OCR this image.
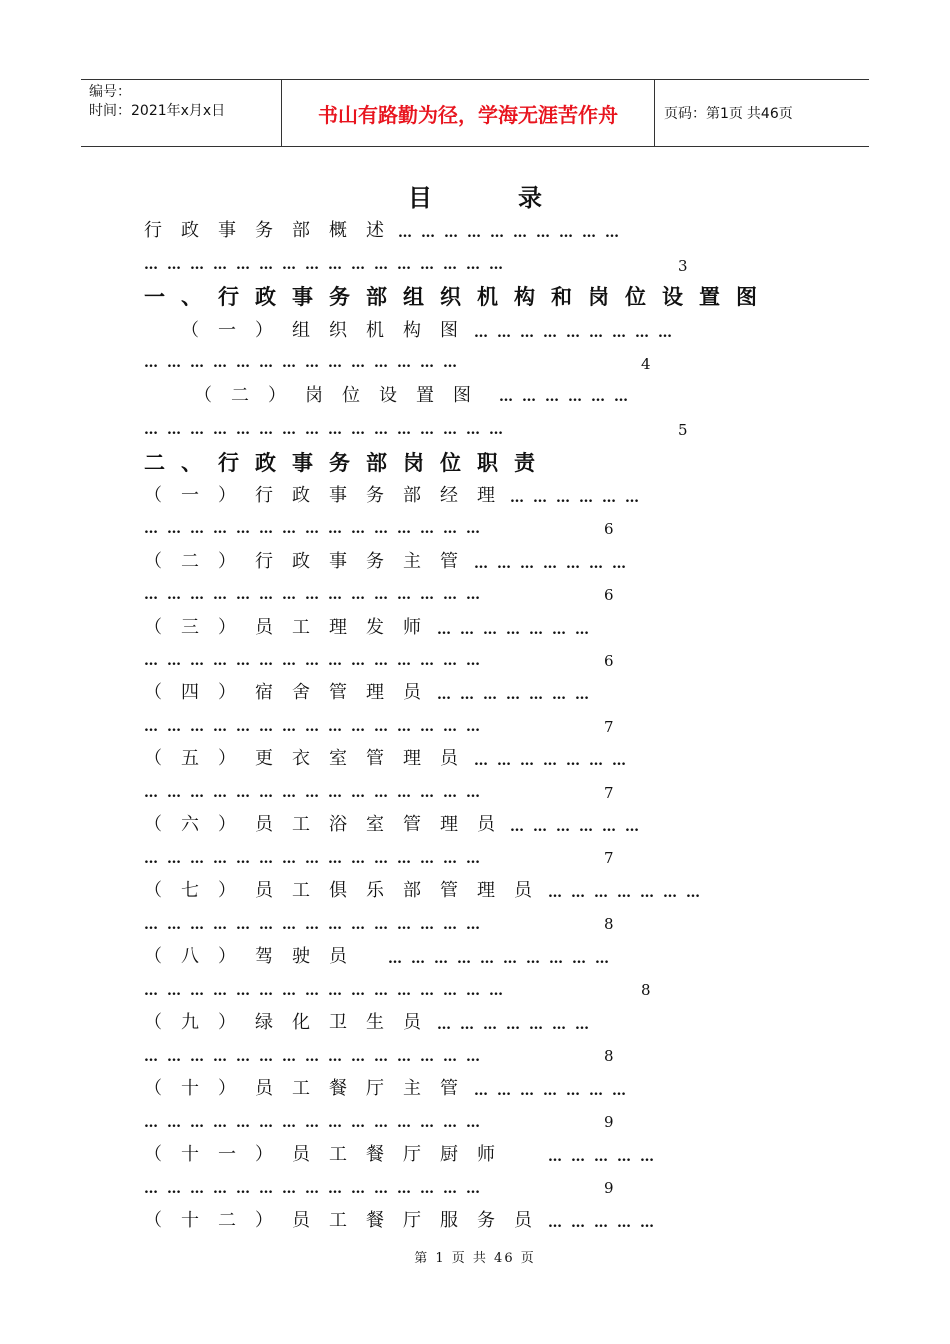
编号：
时间：2021年x月x日	书山有路勤为径，学海无涯苦作舟	页码：第1页 共46页
目录
行政事务部概述
一、行政事务部组织机构和岗位设置图
（一）组织机构图
（二）岗位设置图
二、行政事务部岗位职责
（一）行政事务部经理
（二）行政事务主管
（三）员工理发师
（四）宿舍管理员
（五）更衣室管理员
（六）员工浴室管理员
（七）员工俱乐部管理员
（八）驾驶员
（九）绿化卫生员
（十）员工餐厅主管
（十一）员工餐厅厨师
（十二）员工餐厅服务员
…………………………
…………………………………………
………………………
……………………………………
………………
…………………………………………
………………
………………………………………
…………………
………………………………………
…………………
………………………………………
…………………
………………………………………
…………………
………………………………………
………………
………………………………………
…………………
………………………………………
…………………………
…………………………………………
…………………
………………………………………
…………………
………………………………………
……………
………………………………………
……………
3
4
5
6
6
6
7
7
7
8
8
8
9
9
第 1 页 共 46 页
